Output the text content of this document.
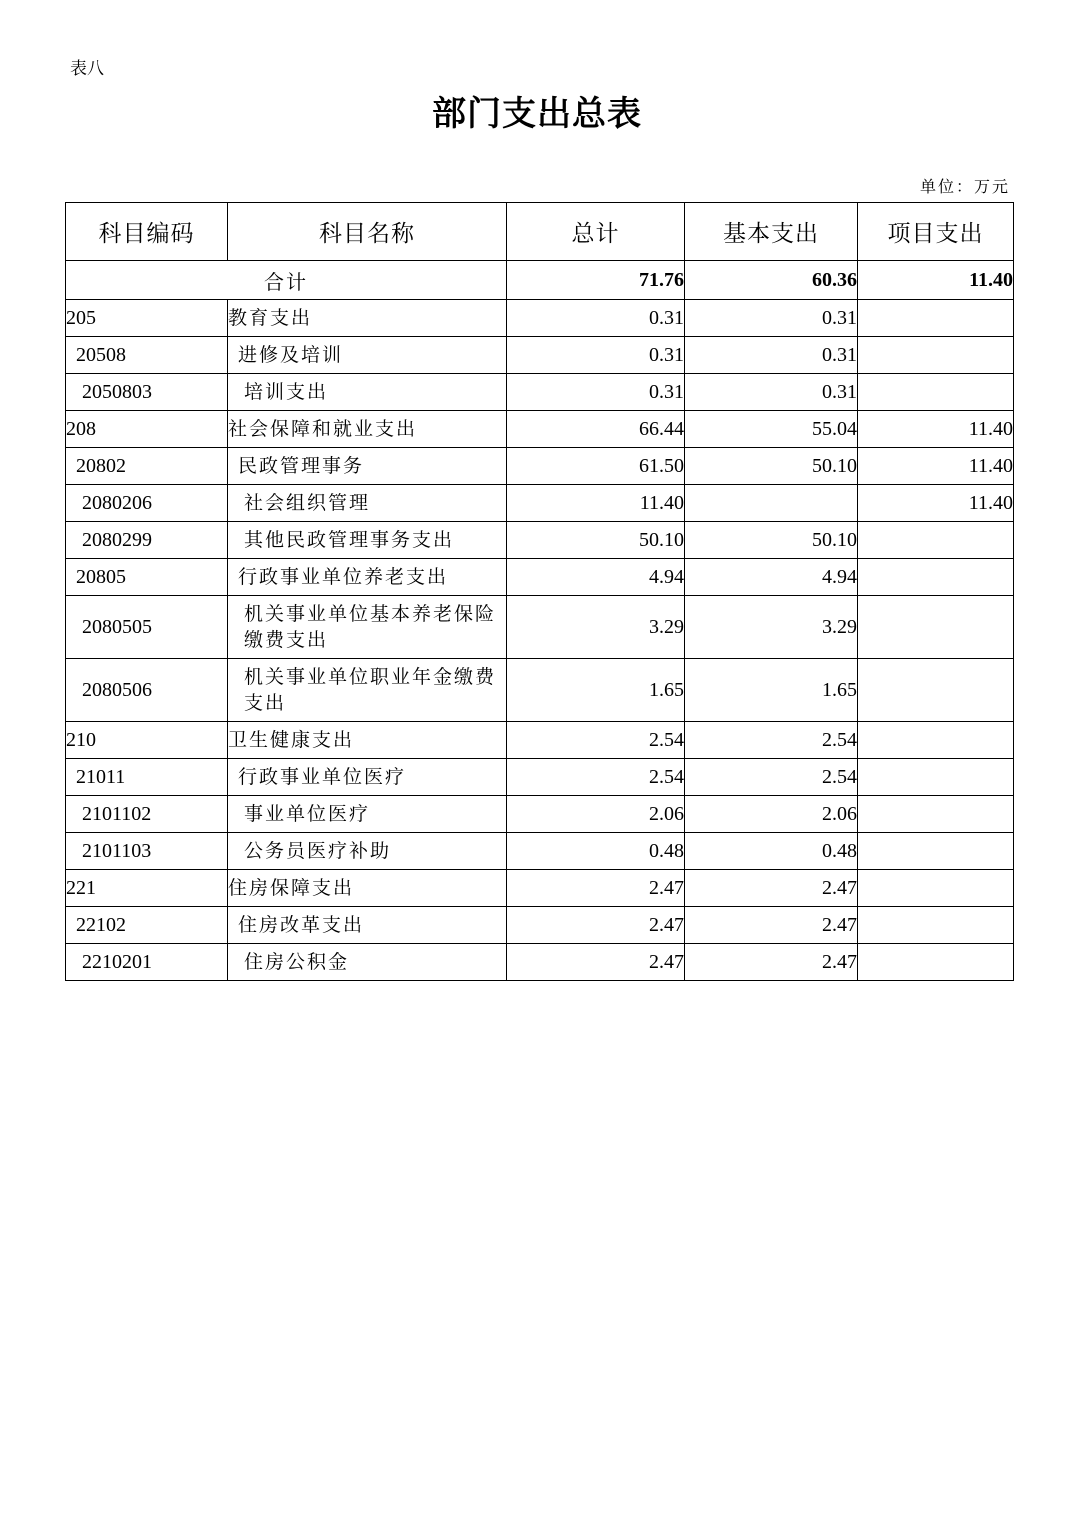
表八
部门支出总表
单位：万元
科目编码	科目名称	总计	基本支出	项目支出
合计		71.76	60.36	11.40
205	教育支出	0.31	0.31	
20508	进修及培训	0.31	0.31	
2050803	培训支出	0.31	0.31	
208	社会保障和就业支出	66.44	55.04	11.40
20802	民政管理事务	61.50	50.10	11.40
2080206	社会组织管理	11.40		11.40
2080299	其他民政管理事务支出	50.10	50.10	
20805	行政事业单位养老支出	4.94	4.94	
2080505	机关事业单位基本养老保险缴费支出	3.29	3.29	
2080506	机关事业单位职业年金缴费支出	1.65	1.65	
210	卫生健康支出	2.54	2.54	
21011	行政事业单位医疗	2.54	2.54	
2101102	事业单位医疗	2.06	2.06	
2101103	公务员医疗补助	0.48	0.48	
221	住房保障支出	2.47	2.47	
22102	住房改革支出	2.47	2.47	
2210201	住房公积金	2.47	2.47	
